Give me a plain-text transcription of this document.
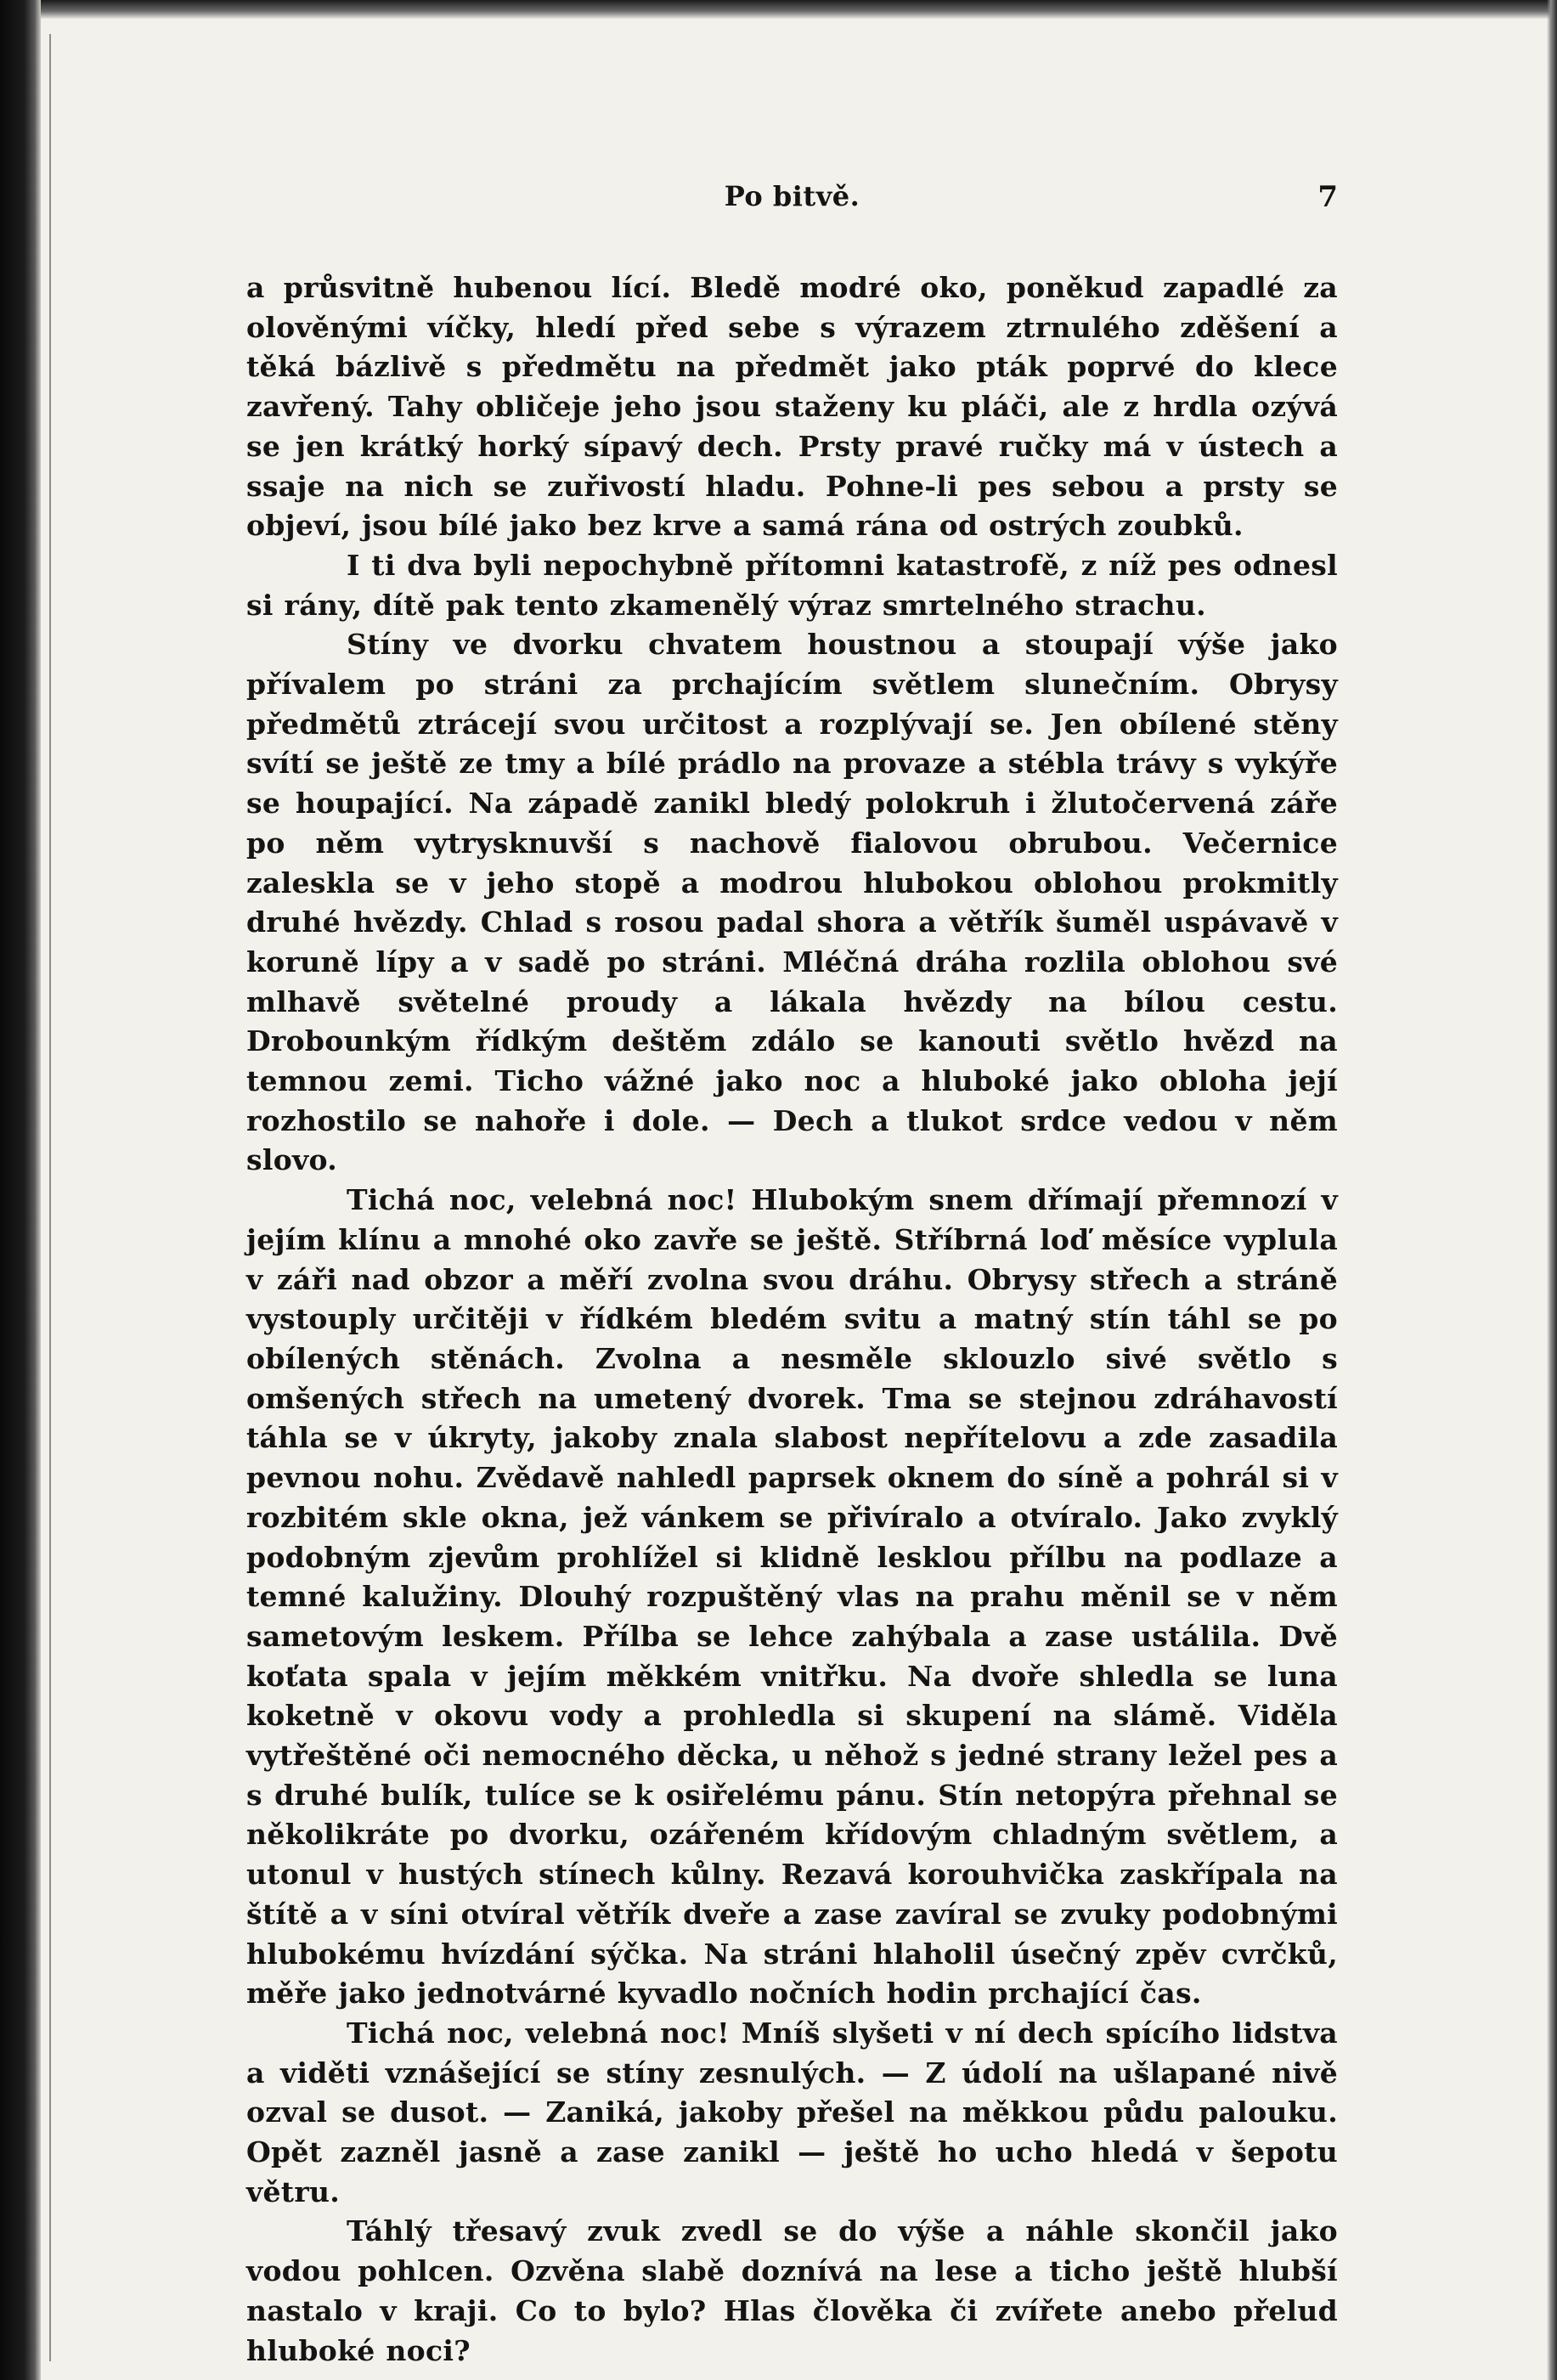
Po bitvě.	7

a průsvitně hubenou lící. Bledě modré oko, poněkud zapadlé za olověnými víčky, hledí před sebe s výrazem ztrnulého zděšení a těká bázlivě s předmětu na předmět jako pták poprvé do klece zavřený. Tahy obličeje jeho jsou staženy ku pláči, ale z hrdla ozývá se jen krátký horký sípavý dech. Prsty pravé ručky má v ústech a ssaje na nich se zuřivostí hladu. Pohne-li pes sebou a prsty se objeví, jsou bílé jako bez krve a samá rána od ostrých zoubků.

I ti dva byli nepochybně přítomni katastrofě, z níž pes odnesl si rány, dítě pak tento zkamenělý výraz smrtelného strachu.

Stíny ve dvorku chvatem houstnou a stoupají výše jako přívalem po stráni za prchajícím světlem slunečním. Obrysy předmětů ztrácejí svou určitost a rozplývají se. Jen obílené stěny svítí se ještě ze tmy a bílé prádlo na provaze a stébla trávy s vykýře se houpající. Na západě zanikl bledý polokruh i žlutočervená záře po něm vytrysknuvší s nachově fialovou obrubou. Večernice zaleskla se v jeho stopě a modrou hlubokou oblohou prokmitly druhé hvězdy. Chlad s rosou padal shora a větřík šuměl uspávavě v koruně lípy a v sadě po stráni. Mléčná dráha rozlila oblohou své mlhavě světelné proudy a lákala hvězdy na bílou cestu. Drobounkým řídkým deštěm zdálo se kanouti světlo hvězd na temnou zemi. Ticho vážné jako noc a hluboké jako obloha její rozhostilo se nahoře i dole. — Dech a tlukot srdce vedou v něm slovo.

Tichá noc, velebná noc! Hlubokým snem dřímají přemnozí v jejím klínu a mnohé oko zavře se ještě. Stříbrná loď měsíce vyplula v záři nad obzor a měří zvolna svou dráhu. Obrysy střech a stráně vystouply určitěji v řídkém bledém svitu a matný stín táhl se po obílených stěnách. Zvolna a nesměle sklouzlo sivé světlo s omšených střech na umetený dvorek. Tma se stejnou zdráhavostí táhla se v úkryty, jakoby znala slabost nepřítelovu a zde zasadila pevnou nohu. Zvědavě nahledl paprsek oknem do síně a pohrál si v rozbitém skle okna, jež vánkem se přivíralo a otvíralo. Jako zvyklý podobným zjevům prohlížel si klidně lesklou přílbu na podlaze a temné kalužiny. Dlouhý rozpuštěný vlas na prahu měnil se v něm sametovým leskem. Přílba se lehce zahýbala a zase ustálila. Dvě koťata spala v jejím měkkém vnitřku. Na dvoře shledla se luna koketně v okovu vody a prohledla si skupení na slámě. Viděla vytřeštěné oči nemocného děcka, u něhož s jedné strany ležel pes a s druhé bulík, tulíce se k osiřelému pánu. Stín netopýra přehnal se několikráte po dvorku, ozářeném křídovým chladným světlem, a utonul v hustých stínech kůlny. Rezavá korouhvička zaskřípala na štítě a v síni otvíral větřík dveře a zase zavíral se zvuky podobnými hlubokému hvízdání sýčka. Na stráni hlaholil úsečný zpěv cvrčků, měře jako jednotvárné kyvadlo nočních hodin prchající čas.

Tichá noc, velebná noc! Mníš slyšeti v ní dech spícího lidstva a viděti vznášející se stíny zesnulých. — Z údolí na ušlapané nivě ozval se dusot. — Zaniká, jakoby přešel na měkkou půdu palouku. Opět zazněl jasně a zase zanikl — ještě ho ucho hledá v šepotu větru.

Táhlý třesavý zvuk zvedl se do výše a náhle skončil jako vodou pohlcen. Ozvěna slabě doznívá na lese a ticho ještě hlubší nastalo v kraji. Co to bylo? Hlas člověka či zvířete anebo přelud hluboké noci?
